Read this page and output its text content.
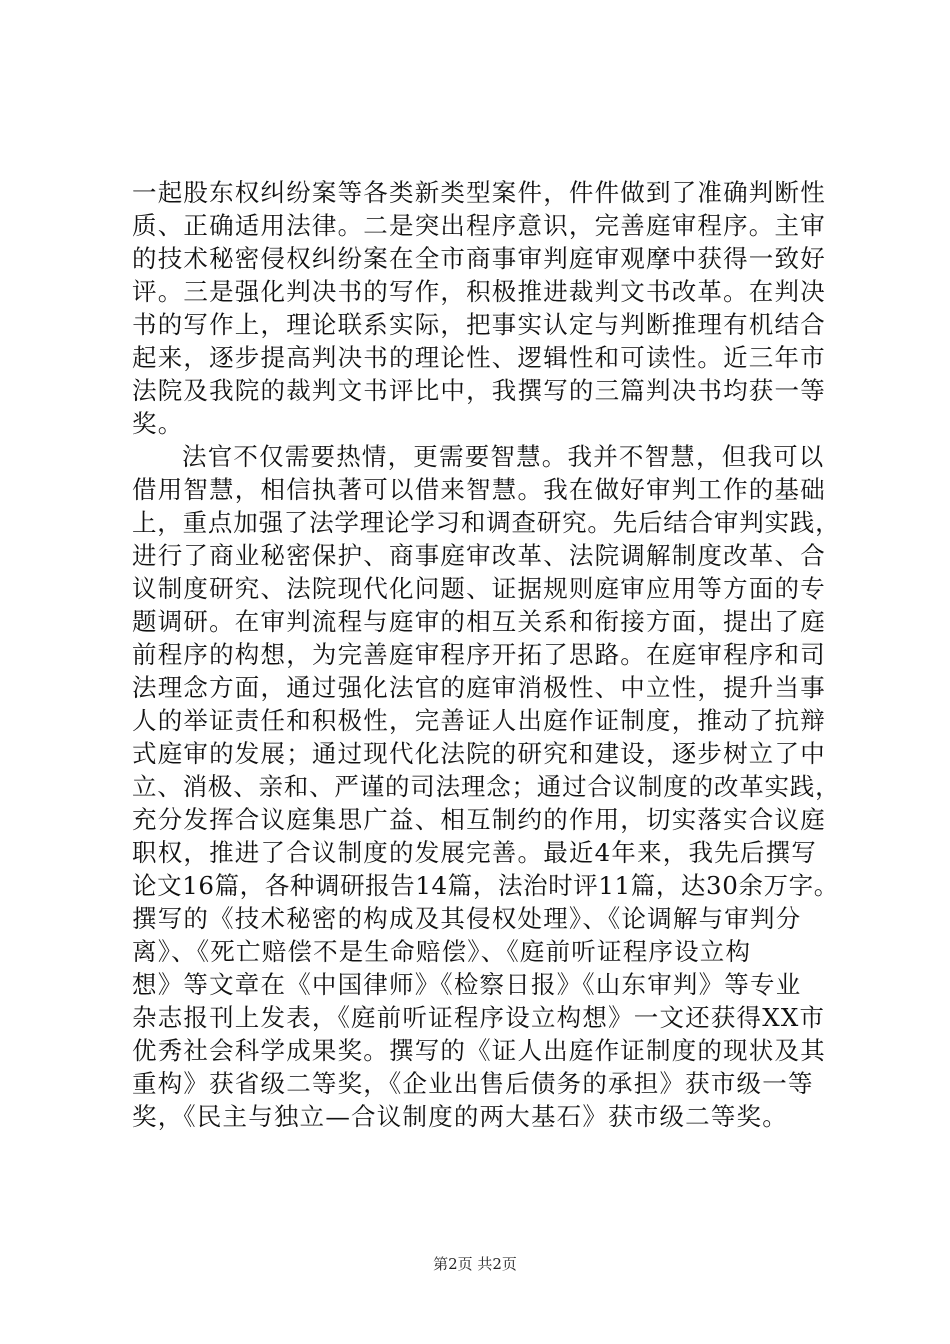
一起股东权纠纷案等各类新类型案件，件件做到了准确判断性
质、正确适用法律。二是突出程序意识，完善庭审程序。主审
的技术秘密侵权纠纷案在全市商事审判庭审观摩中获得一致好
评。三是强化判决书的写作，积极推进裁判文书改革。在判决
书的写作上，理论联系实际，把事实认定与判断推理有机结合
起来，逐步提高判决书的理论性、逻辑性和可读性。近三年市
法院及我院的裁判文书评比中，我撰写的三篇判决书均获一等
奖。
法官不仅需要热情，更需要智慧。我并不智慧，但我可以
借用智慧，相信执著可以借来智慧。我在做好审判工作的基础
上，重点加强了法学理论学习和调查研究。先后结合审判实践，
进行了商业秘密保护、商事庭审改革、法院调解制度改革、合
议制度研究、法院现代化问题、证据规则庭审应用等方面的专
题调研。在审判流程与庭审的相互关系和衔接方面，提出了庭
前程序的构想，为完善庭审程序开拓了思路。在庭审程序和司
法理念方面，通过强化法官的庭审消极性、中立性，提升当事
人的举证责任和积极性，完善证人出庭作证制度，推动了抗辩
式庭审的发展；通过现代化法院的研究和建设，逐步树立了中
立、消极、亲和、严谨的司法理念；通过合议制度的改革实践，
充分发挥合议庭集思广益、相互制约的作用，切实落实合议庭
职权，推进了合议制度的发展完善。最近4年来，我先后撰写
论文16篇，各种调研报告14篇，法治时评11篇，达30余万字。
撰写的《技术秘密的构成及其侵权处理》、《论调解与审判分
离》、《死亡赔偿不是生命赔偿》、《庭前听证程序设立构
想》等文章在《中国律师》《检察日报》《山东审判》等专业
杂志报刊上发表，《庭前听证程序设立构想》一文还获得XX市
优秀社会科学成果奖。撰写的《证人出庭作证制度的现状及其
重构》获省级二等奖，《企业出售后债务的承担》获市级一等
奖，《民主与独立—合议制度的两大基石》获市级二等奖。
第2页 共2页
